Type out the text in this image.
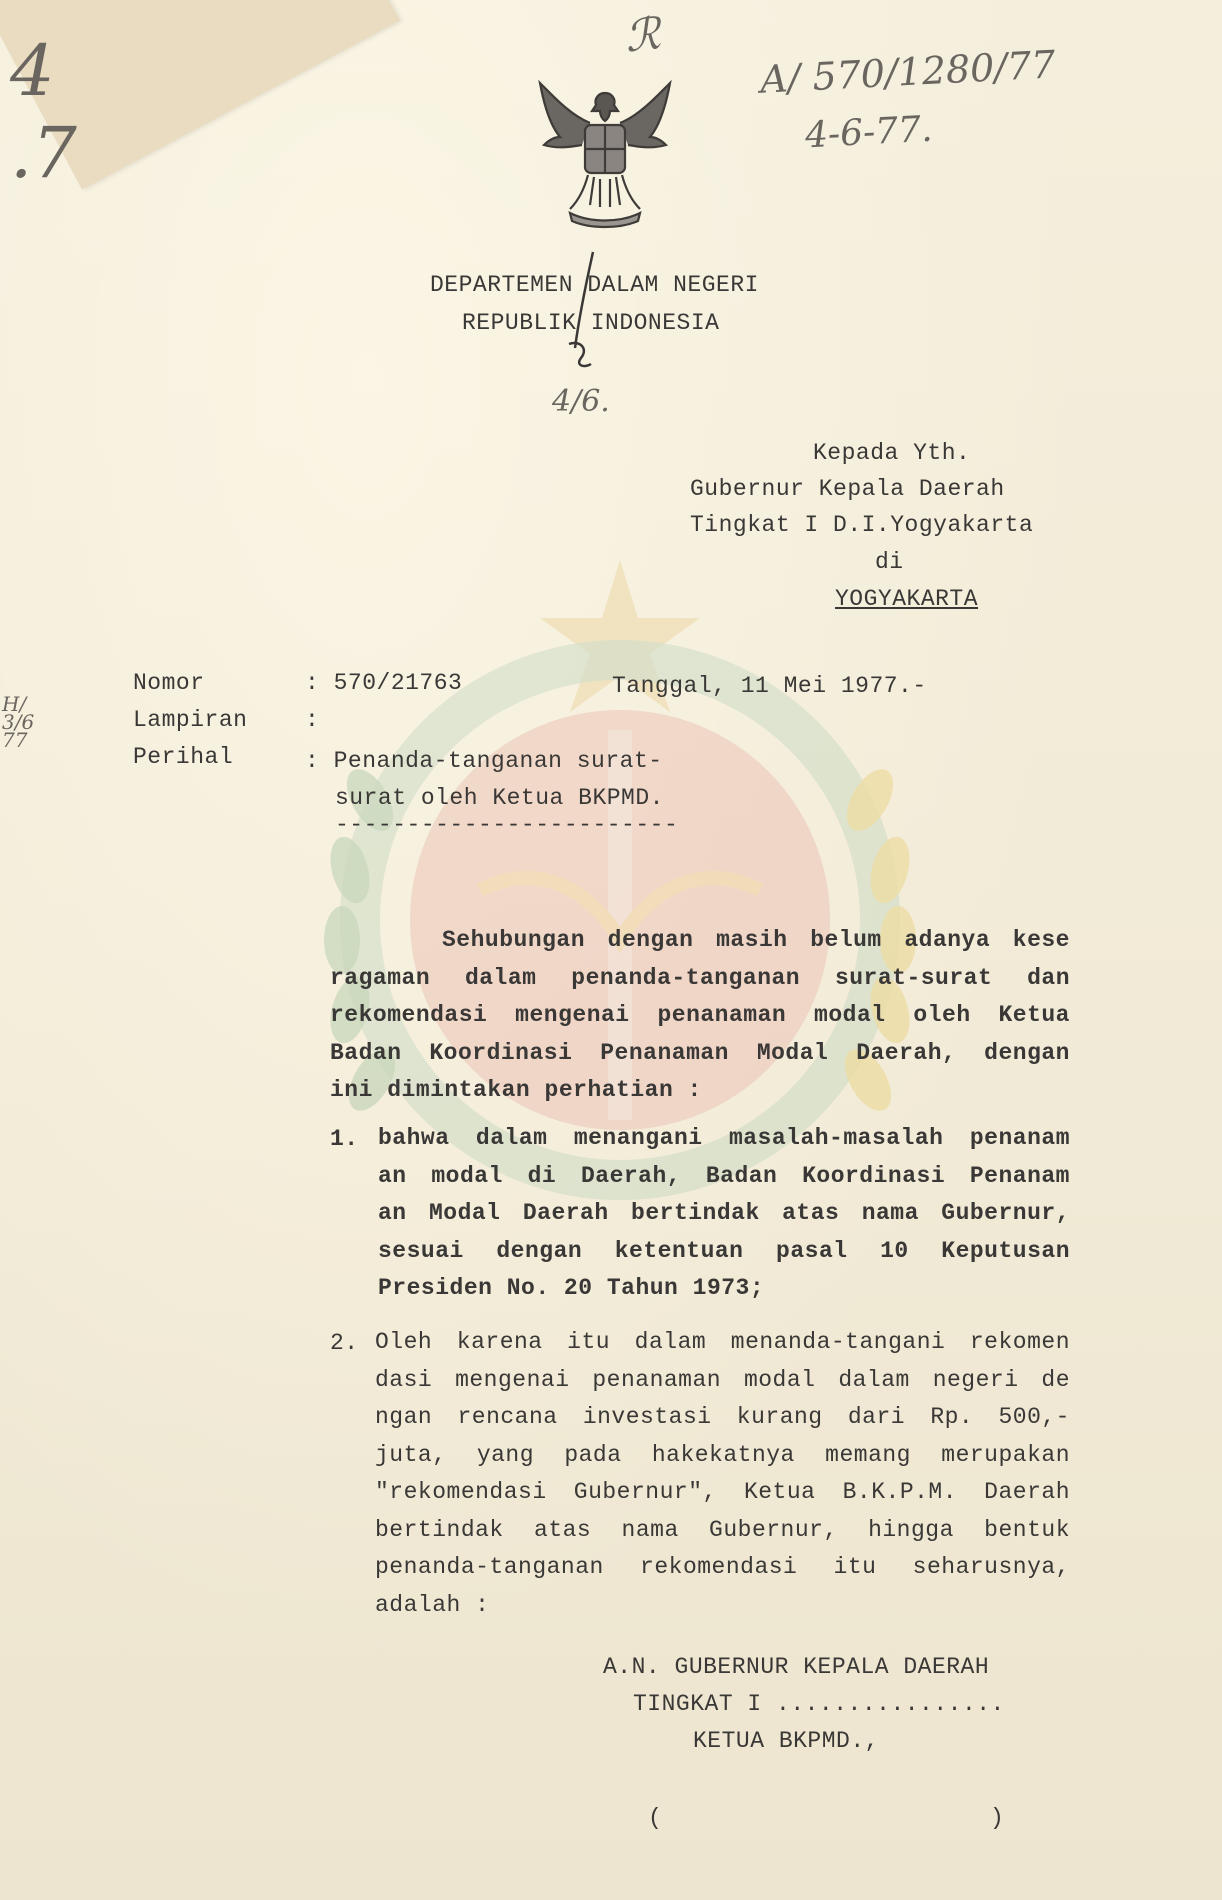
4
.7
DEPARTEMEN DALAM NEGERI
REPUBLIK INDONESIA
4/6.
ℛ
A/ 570/1280/77
4-6-77.
Kepada Yth.
Gubernur Kepala Daerah
Tingkat I D.I.Yogyakarta
di
YOGYAKARTA
Nomor	: 570/21763	Tanggal, 11 Mei 1977.-
Lampiran	:
Perihal	: Penanda-tanganan surat-
surat oleh Ketua BKPMD.
------------------------
H/ 3/6 77

Sehubungan dengan masih belum adanya kese

ragaman dalam penanda-tanganan surat-surat dan

rekomendasi mengenai penanaman modal oleh Ketua

Badan Koordinasi Penanaman Modal Daerah, dengan

ini dimintakan perhatian :

1. bahwa dalam menangani masalah-masalah penanam

an modal di Daerah, Badan Koordinasi Penanam

an Modal Daerah bertindak atas nama Gubernur,

sesuai dengan ketentuan pasal 10 Keputusan

Presiden No. 20 Tahun 1973;

2. Oleh karena itu dalam menanda-tangani rekomen

dasi mengenai penanaman modal dalam negeri de

ngan rencana investasi kurang dari Rp. 500,-

juta, yang pada hakekatnya memang merupakan

"rekomendasi Gubernur", Ketua B.K.P.M. Daerah

bertindak atas nama Gubernur, hingga bentuk

penanda-tanganan rekomendasi itu seharusnya,

adalah :

A.N. GUBERNUR KEPALA DAERAH
TINGKAT I ................
KETUA BKPMD.,
(	)
